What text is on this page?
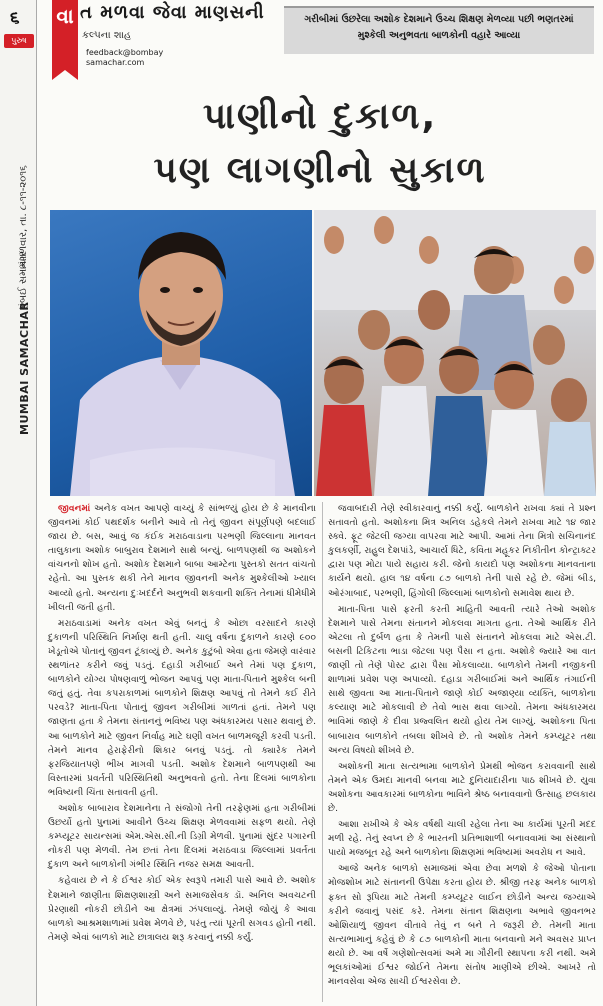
૬
પુરુષ
મંગળવાર, તા. ૮-૧૧-૨૦૧૬
મુંબઈ સમાચાર
MUMBAI SAMACHAR
વા ત મળવા જેવા માણસની
કલ્પના શાહ
feedback@bombay samachar.com
ગરીબીમાં ઉછરેલા અશોક દેશમાને ઉચ્ચ શિક્ષણ મેળવ્યા પછી ભણતરમાં મુશ્કેલી અનુભવતા બાળકોની વહારે આવ્યા
પાણીનો દુકાળ,
પણ લાગણીનો સુકાળ

જીવનમાં અનેક વખત આપણે વાચ્યું કે સાંભળ્યું હોય છે કે માનવીના જીવનમાં કોઈ પથદર્શક બનીને આવે તો તેનું જીવન સંપૂર્ણપણે બદલાઈ જાય છે. બસ, આવું જ કંઈક મરાઠવાડાના પરભણી જિલ્લાના માનવત તાલુકાના અશોક બાબુરાવ દેશમાને સાથે બન્યું. બાળપણથી જ અશોકને વાંચનનો શોખ હતો. અશોક દેશમાને બાબા આમ્ટેના પુસ્તકો સતત વાંચતો રહેતો. આ પુસ્તક થકી તેને માનવ જીવનની અનેક મુશ્કેલીઓ ખ્યાલ આવ્યો હતો. અન્યના દુઃખદર્દને અનુભવી શકવાની શક્તિ તેનામાં ધીમેધીમે ખીલતી જતી હતી.

મરાઠવાડામાં અનેક વખત એવું બનતું કે ઓછા વરસાદને કારણે દુકાળની પરિસ્થિતિ નિર્માણ થતી હતી. ચાલુ વર્ષના દુકાળને કારણે ૯૦૦ ખેડૂતોએ પોતાનું જીવન ટૂંકાવ્યું છે. અનેક કુટુંબો એવા હતા જેમણે વારંવાર સ્થળાંતર કરીને જવું પડતું. દહાડી ગરીબાઈ અને તેમાં પણ દુકાળ, બાળકોને યોગ્ય પોષણવાળું ભોજન આપવું પણ માતા-પિતાને મુશ્કેલ બની જતું હતું. તેવા કપરાકાળમાં બાળકોને શિક્ષણ આપવું તો તેમને કઈ રીતે પરવડે? માતા-પિતા પોતાનું જીવન ગરીબીમાં ગાળતાં હતાં. તેમને પણ જાણતા હતા કે તેમના સંતાનનું ભવિષ્ય પણ અંધકારમય પસાર થવાનું છે. આ બાળકોને માટે જીવન નિર્વાહ માટે ઘણી વખત બાળમજૂરી કરવી પડતી. તેમને માનવ હેરાફેરીનો શિકાર બનવું પડતું. તો ક્યારેક તેમને ફરજિયાતપણે ભીખ માગવી પડતી. અશોક દેશમાને બાળપણથી આ વિસ્તારમાં પ્રવર્તતી પરિસ્થિતિથી અનુભવતો હતો. તેના દિલમાં બાળકોના ભવિષ્યની ચિંતા સતાવતી હતી.

અશોક બાબારાવ દેશમાનેના તે સંજોગો તેની તરફેણમાં હતા ગરીબીમાં ઉછર્યો હતો પુનામાં આવીને ઉચ્ચ શિક્ષણ મેળવવામાં સફળ થયો. તેણે કમ્પ્યૂટર સાયન્સમાં એમ.એસ.સી.ની ડિગ્રી મેળવી. પુનામાં સુંદર પગારની નોકરી પણ મેળવી. તેમ છતાં તેના દિલમાં મરાઠવાડા જિલ્લામાં પ્રવર્તતા દુકાળ અને બાળકોની ગંભીર સ્થિતિ નજર સમક્ષ આવતી.

કહેવાય છે ને કે ઈશ્વર કોઈ એક સ્વરૂપે તમારી પાસે આવે છે. અશોક દેશમાને જાણીતા શિક્ષણશાસ્ત્રી અને સમાજસેવક ડૉ. અનિલ અવચટની પ્રેરણાથી નોકરી છોડીને આ ક્ષેત્રમાં ઝંપલાવ્યું. તેમણે જોયું કે આવા બાળકો આશ્રમશાળામાં પ્રવેશ મેળવે છે, પરંતુ ત્યાં પૂરતી સગવડ હોતી નથી. તેમણે એવાં બાળકો માટે છાત્રાલય શરૂ કરવાનું નક્કી કર્યું.

જવાબદારી તેણે સ્વીકારવાનું નક્કી કર્યું. બાળકોને રાખવા ક્યાં તે પ્રશ્ન સતાવતો હતો. અશોકના મિત્ર અનિલ ડહેકલે તેમને રાખવા માટે ૧૪ જાર સ્ક્વે. ફૂટ જેટલી જગ્યા વાપરવા માટે આપી. આમાં તેના મિત્રો સચિનાનંદ કુલકર્ણી, રાહુલ દેશપાંડે, આચાર્ય ધિટે, કવિતા મહૂકર નિકીતીન કોન્ટ્રાક્ટર દ્વારા પણ મોટા પાયે સહાય કરી. જેનો કાયદો પણ અશોકના માનવતાના કાર્યને થયો. હાલ ૧૪ વર્ષના ૮૭ બાળકો તેની પાસે રહે છે. જેમાં બીડ, ઓરંગાબાદ, પરભણી, હિંગોલી જિલ્લામાં બાળકોનો સમાવેશ થાય છે.

માતા-પિતા પાસે ફરતી કરતી માહિતી આવતી ત્યારે તેઓ અશોક દેશમાને પાસે તેમના સંતાનને મોકલવા માગતા હતા. તેઓ આર્થિક રીતે એટલા તો દુર્બળ હતા કે તેમની પાસે સંતાનને મોકલવા માટે એસ.ટી. બસની ટિકિટના ભાડા જેટલા પણ પૈસા ન હતા. અશોકે જ્યારે આ વાત જાણી તો તેણે પોસ્ટ દ્વારા પૈસા મોકલાવ્યા. બાળકોને તેમની નજીકની શાળામાં પ્રવેશ પણ અપાવ્યો. દહાડા ગરીબાઈમાં અને આર્થિક તંગાઈની સાથે જીવતા આ માતા-પિતાને જાણે કોઈ અજાણ્યા વ્યક્તિ, બાળકોના કલ્યાણ માટે મોકલાવી છે તેવો ભાસ થવા લાગ્યો. તેમના અંધકારમય ભાવિમાં જાણે કે દીવા પ્રજ્વલિત થયો હોય તેમ લાગ્યું. અશોકના પિતા બાબારાવ બાળકોને તબલા શીખવે છે. તો અશોક તેમને કમ્પ્યૂટર તથા અન્ય વિષયો શીખવે છે.

અશોકની માતા સત્યભામા બાળકોને પ્રેમથી ભોજન કરાવવાની સાથે તેમને એક ઉમદા માનવી બનવા માટે દુનિયાદારીના પાઠ શીખવે છે. યુવા અશોકના આવકારમાં બાળકોના ભાવિને શ્રેષ્ઠ બનાવવાનો ઉત્સાહ છલકાય છે.

આશા રાખીએ કે એક વર્ષથી ચાલી રહેલા તેના આ કાર્યમાં પૂરતી મદદ મળી રહે. તેનું સ્વપ્ન છે કે ભારતની પ્રતિભાશાળી બનાવવામાં આ સંસ્થાનો પાયો મજબૂત રહે અને બાળકોના શિક્ષણમાં ભવિષ્યમાં અવરોધ ન આવે.

આજે અનેક બાળકો સમાજમાં એવા છેવા મળશે કે જેઓ પોતાના મોજશોખ માટે સંતાનની ઉપેક્ષા કરતા હોય છે. શ્રીજી તરફ અનેક બાળકો ફક્ત સો રૂપિયા માટે તેમની કમ્પ્યૂટર લાઈન છોડીને અન્ય જગ્યાએ કરીને જવાનું પસંદ કરે. તેમના સંતાન શિક્ષણના અભાવે જીવનભર ઓશિયાળું જીવન વીતાવે તેવું ન બને તે જરૂરી છે. તેમની માતા સત્યભામાનું કહેવું છે કે ૮૭ બાળકોની માતા બનવાનો મને અવસર પ્રાપ્ત થયો છે. આ વર્ષે ગણેશોત્સવમાં અમે મા ગૌરીની સ્થાપના કરી નથી. અમે ભૂલકાંઓમાં ઈશ્વર જોઈને તેમના સંતોષ માણીએ છીએ. આખરે તો માનવસેવા એજ સાચી ઈશ્વરસેવા છે.
